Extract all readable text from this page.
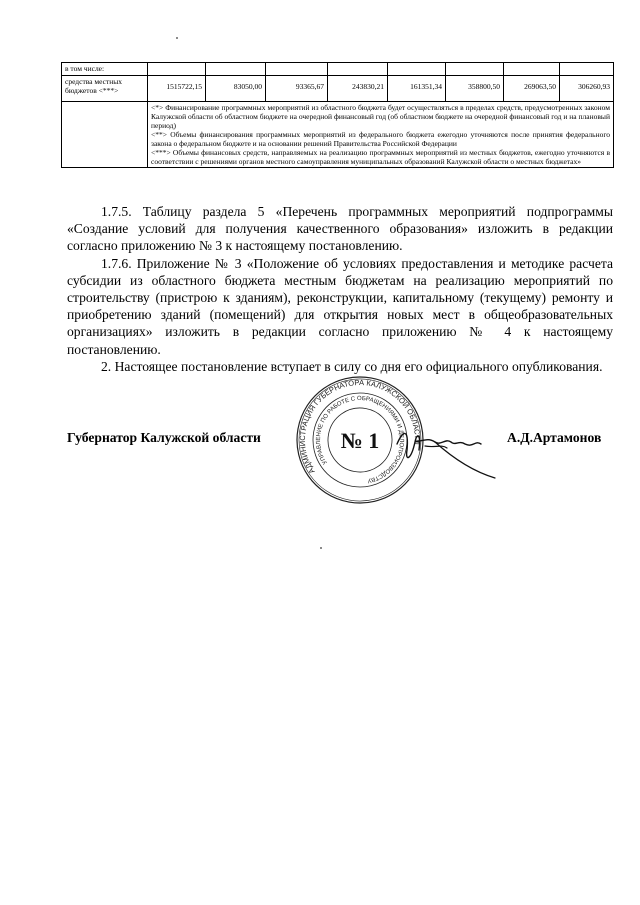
в том числе:								
средства местных бюджетов <***>	1515722,15	83050,00	93365,67	243830,21	161351,34	358800,50	269063,50	306260,93

	<*> Финансирование программных мероприятий из областного бюджета будет осуществляться в пределах средств, предусмотренных законом Калужской области об областном бюджете на очередной финансовый год (об областном бюджете на очередной финансовый год и на плановый период)

<**> Объемы финансирования программных мероприятий из федерального бюджета ежегодно уточняются после принятия федерального закона о федеральном бюджете и на основании решений Правительства Российской Федерации

<***> Объемы финансовых средств, направляемых на реализацию программных мероприятий из местных бюджетов, ежегодно уточняются в соответствии с решениями органов местного самоуправления муниципальных образований Калужской области о местных бюджетах»							

1.7.5. Таблицу раздела 5 «Перечень программных мероприятий подпрограммы «Создание условий для получения качественного образования» изложить в редакции согласно приложению № 3 к настоящему постановлению.

1.7.6. Приложение № 3 «Положение об условиях предоставления и методике расчета субсидии из областного бюджета местным бюджетам на реализацию мероприятий по строительству (пристрою к зданиям), реконструкции, капитальному (текущему) ремонту и приобретению зданий (помещений) для открытия новых мест в общеобразовательных организациях» изложить в редакции согласно приложению № 4 к настоящему постановлению.

2. Настоящее постановление вступает в силу со дня его официального опубликования.

Губернатор Калужской области
АДМИНИСТРАЦИЯ ГУБЕРНАТОРА КАЛУЖСКОЙ ОБЛАСТИ
УПРАВЛЕНИЕ ПО РАБОТЕ С ОБРАЩЕНИЯМИ И ДЕЛОПРОИЗВОДСТВУ
№ 1	А.Д.Артамонов
